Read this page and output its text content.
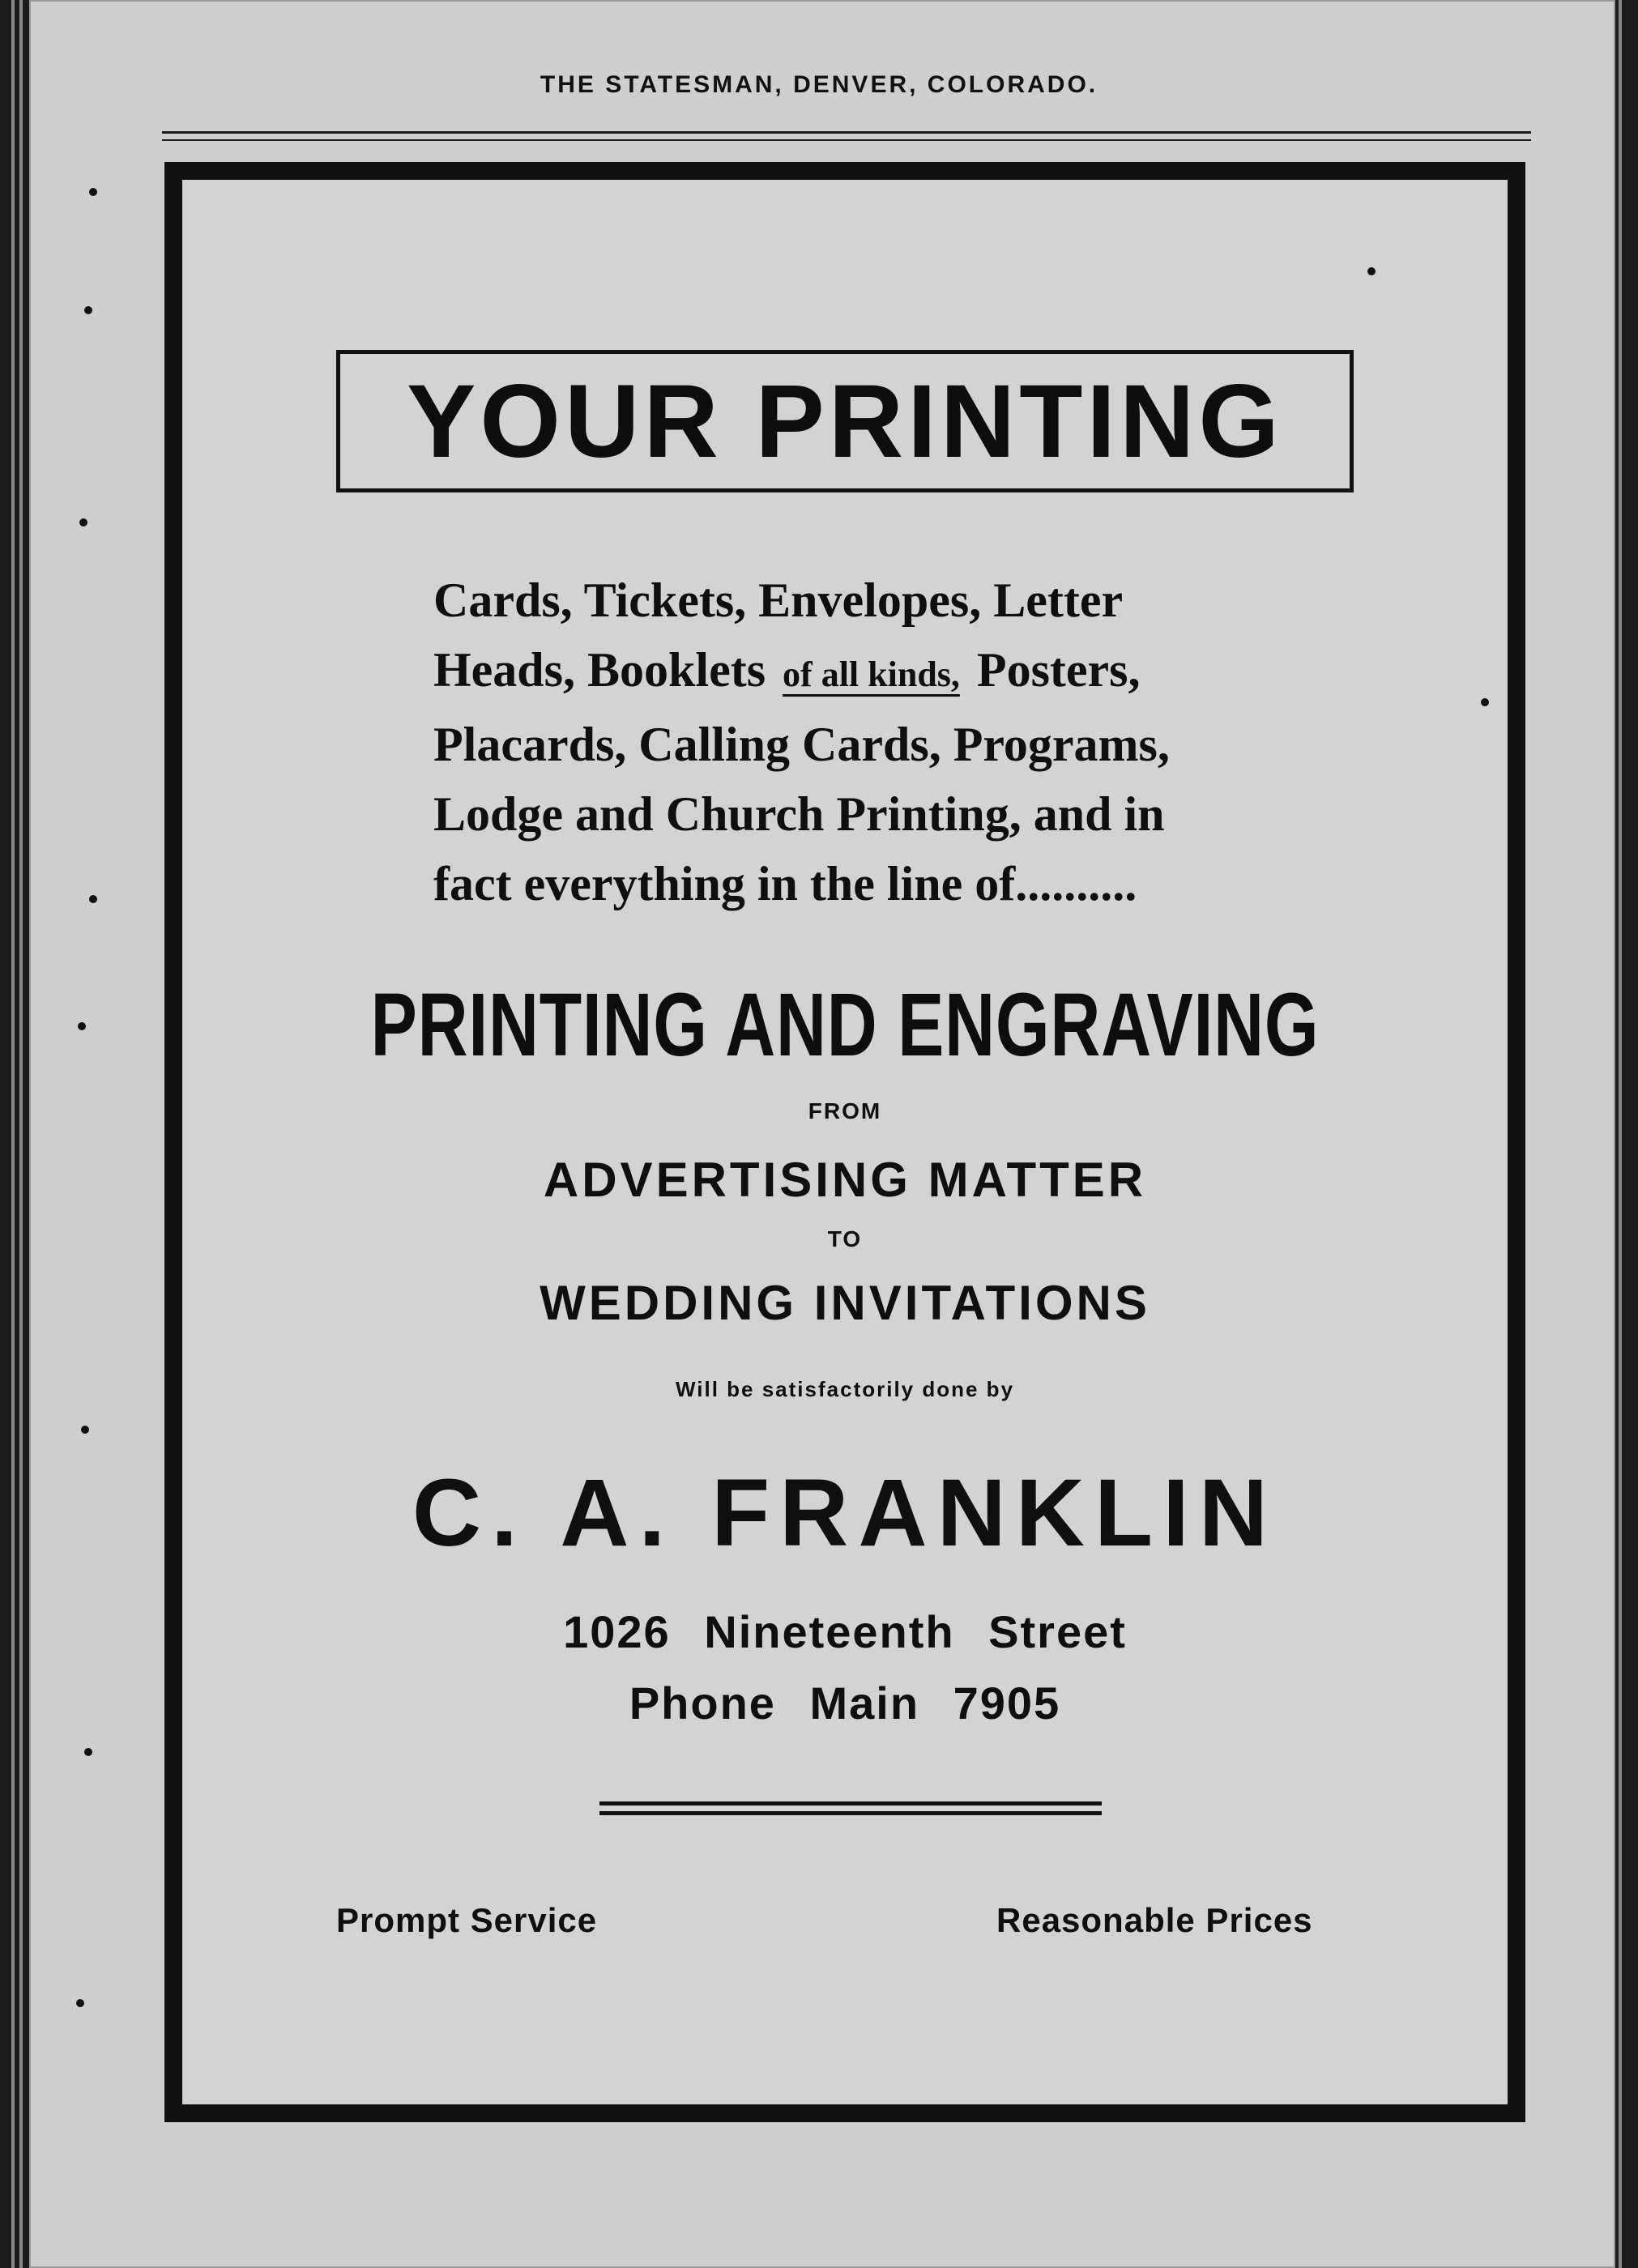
THE STATESMAN, DENVER, COLORADO.
YOUR PRINTING
Cards, Tickets, Envelopes, Letter
Heads, Booklets of all kinds, Posters,
Placards, Calling Cards, Programs,
Lodge and Church Printing, and in
fact everything in the line of..........
PRINTING AND ENGRAVING
FROM
ADVERTISING MATTER
TO
WEDDING INVITATIONS
Will be satisfactorily done by
C. A. FRANKLIN
1026 Nineteenth Street
Phone Main 7905
Prompt Service	Reasonable Prices
